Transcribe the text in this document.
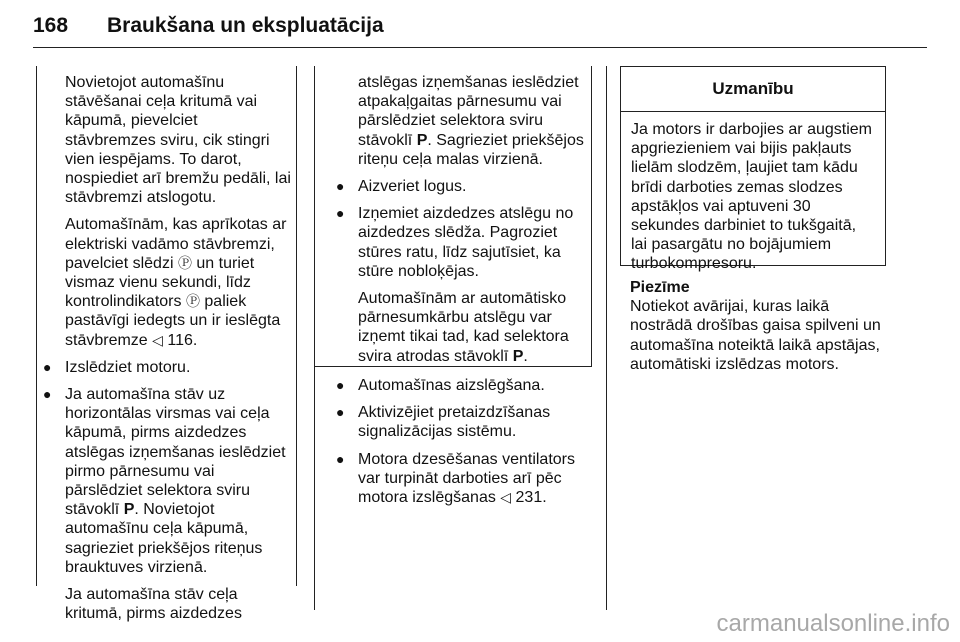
168 Braukšana un ekspluatācija

Novietojot automašīnu stāvēšanai ceļa kritumā vai kāpumā, pievelciet stāvbremzes sviru, cik stingri vien iespējams. To darot, nospiediet arī bremžu pedāli, lai stāvbremzi atslogotu.

Automašīnām, kas aprīkotas ar elektriski vadāmo stāvbremzi, pavelciet slēdzi Ⓟ un turiet vismaz vienu sekundi, līdz kontrolindikators Ⓟ paliek pastāvīgi iedegts un ir ieslēgta stāvbremze ◁ 116.

● Izslēdziet motoru.
● Ja automašīna stāv uz horizontālas virsmas vai ceļa kāpumā, pirms aizdedzes atslēgas izņemšanas ieslēdziet pirmo pārnesumu vai pārslēdziet selektora sviru stāvoklī P. Novietojot automašīnu ceļa kāpumā, sagrieziet priekšējos riteņus brauktuves virzienā.

Ja automašīna stāv ceļa kritumā, pirms aizdedzes

atslēgas izņemšanas ieslēdziet atpakaļgaitas pārnesumu vai pārslēdziet selektora sviru stāvoklī P. Sagrieziet priekšējos riteņu ceļa malas virzienā.

● Aizveriet logus.
● Izņemiet aizdedzes atslēgu no aizdedzes slēdža. Pagroziet stūres ratu, līdz sajutīsiet, ka stūre nobloķējas.

Automašīnām ar automātisko pārnesumkārbu atslēgu var izņemt tikai tad, kad selektora svira atrodas stāvoklī P.

● Automašīnas aizslēgšana.
● Aktivizējiet pretaizdzīšanas signalizācijas sistēmu.
● Motora dzesēšanas ventilators var turpināt darboties arī pēc motora izslēgšanas ◁ 231.
Uzmanību
Ja motors ir darbojies ar augstiem apgriezieniem vai bijis pakļauts lielām slodzēm, ļaujiet tam kādu brīdi darboties zemas slodzes apstākļos vai aptuveni 30 sekundes darbiniet to tukšgaitā, lai pasargātu no bojājumiem turbokompresoru.
Piezīme
Notiekot avārijai, kuras laikā nostrādā drošības gaisa spilveni un automašīna noteiktā laikā apstājas, automātiski izslēdzas motors.
carmanualsonline.info
